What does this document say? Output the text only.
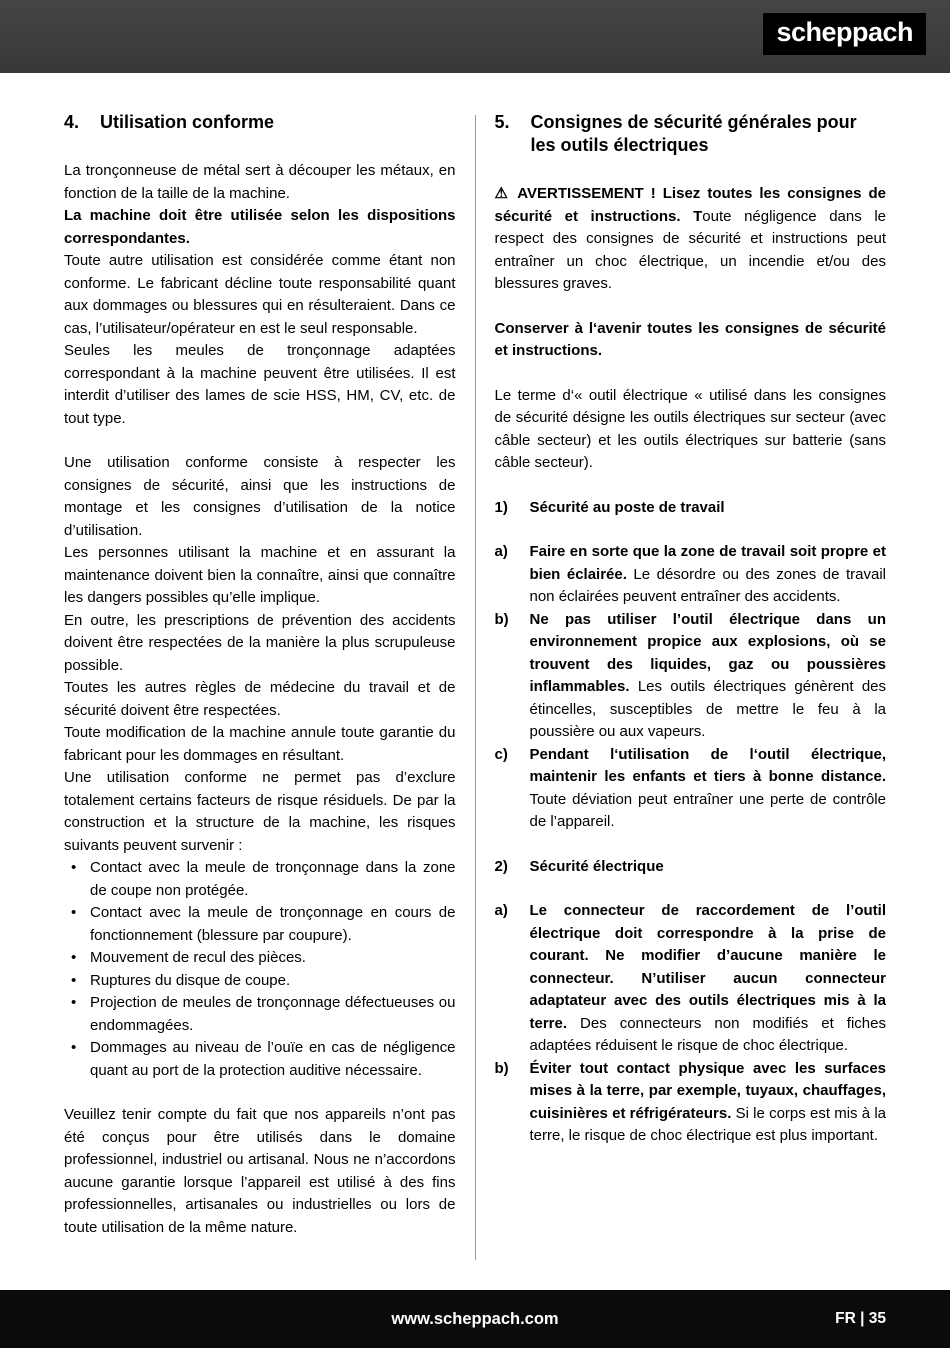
scheppach
4.	Utilisation conforme

La tronçonneuse de métal sert à découper les métaux, en fonction de la taille de la machine.

La machine doit être utilisée selon les dispositions correspondantes.

Toute autre utilisation est considérée comme étant non conforme. Le fabricant décline toute responsabilité quant aux dommages ou blessures qui en résulteraient. Dans ce cas, l’utilisateur/opérateur en est le seul responsable.

Seules les meules de tronçonnage adaptées correspondant à la machine peuvent être utilisées. Il est interdit d’utiliser des lames de scie HSS, HM, CV, etc. de tout type.

Une utilisation conforme consiste à respecter les consignes de sécurité, ainsi que les instructions de montage et les consignes d’utilisation de la notice d’utilisation.

Les personnes utilisant la machine et en assurant la maintenance doivent bien la connaître, ainsi que connaître les dangers possibles qu’elle implique.

En outre, les prescriptions de prévention des accidents doivent être respectées de la manière la plus scrupuleuse possible.

Toutes les autres règles de médecine du travail et de sécurité doivent être respectées.

Toute modification de la machine annule toute garantie du fabricant pour les dommages en résultant.

Une utilisation conforme ne permet pas d’exclure totalement certains facteurs de risque résiduels. De par la construction et la structure de la machine, les risques suivants peuvent survenir :

• Contact avec la meule de tronçonnage dans la zone de coupe non protégée.
• Contact avec la meule de tronçonnage en cours de fonctionnement (blessure par coupure).
• Mouvement de recul des pièces.
• Ruptures du disque de coupe.
• Projection de meules de tronçonnage défectueuses ou endommagées.
• Dommages au niveau de l’ouïe en cas de négligence quant au port de la protection auditive nécessaire.

Veuillez tenir compte du fait que nos appareils n’ont pas été conçus pour être utilisés dans le domaine professionnel, industriel ou artisanal. Nous ne n’accordons aucune garantie lorsque l’appareil est utilisé à des fins professionnelles, artisanales ou industrielles ou lors de toute utilisation de la même nature.

5.	Consignes de sécurité générales pour les outils électriques

⚠ AVERTISSEMENT ! Lisez toutes les consignes de sécurité et instructions. Toute négligence dans le respect des consignes de sécurité et instructions peut entraîner un choc électrique, un incendie et/ou des blessures graves.

Conserver à l‘avenir toutes les consignes de sécurité et instructions.

Le terme d‘« outil électrique « utilisé dans les consignes de sécurité désigne les outils électriques sur secteur (avec câble secteur) et les outils électriques sur batterie (sans câble secteur).

1) Sécurité au poste de travail
a) Faire en sorte que la zone de travail soit propre et bien éclairée. Le désordre ou des zones de travail non éclairées peuvent entraîner des accidents.
b) Ne pas utiliser l’outil électrique dans un environnement propice aux explosions, où se trouvent des liquides, gaz ou poussières inflammables. Les outils électriques génèrent des étincelles, susceptibles de mettre le feu à la poussière ou aux vapeurs.
c) Pendant l‘utilisation de l‘outil électrique, maintenir les enfants et tiers à bonne distance. Toute déviation peut entraîner une perte de contrôle de l’appareil.
2) Sécurité électrique
a) Le connecteur de raccordement de l’outil électrique doit correspondre à la prise de courant. Ne modifier d’aucune manière le connecteur. N’utiliser aucun connecteur adaptateur avec des outils électriques mis à la terre. Des connecteurs non modifiés et fiches adaptées réduisent le risque de choc électrique.
b) Éviter tout contact physique avec les surfaces mises à la terre, par exemple, tuyaux, chauffages, cuisinières et réfrigérateurs. Si le corps est mis à la terre, le risque de choc électrique est plus important.
www.scheppach.com	FR | 35
